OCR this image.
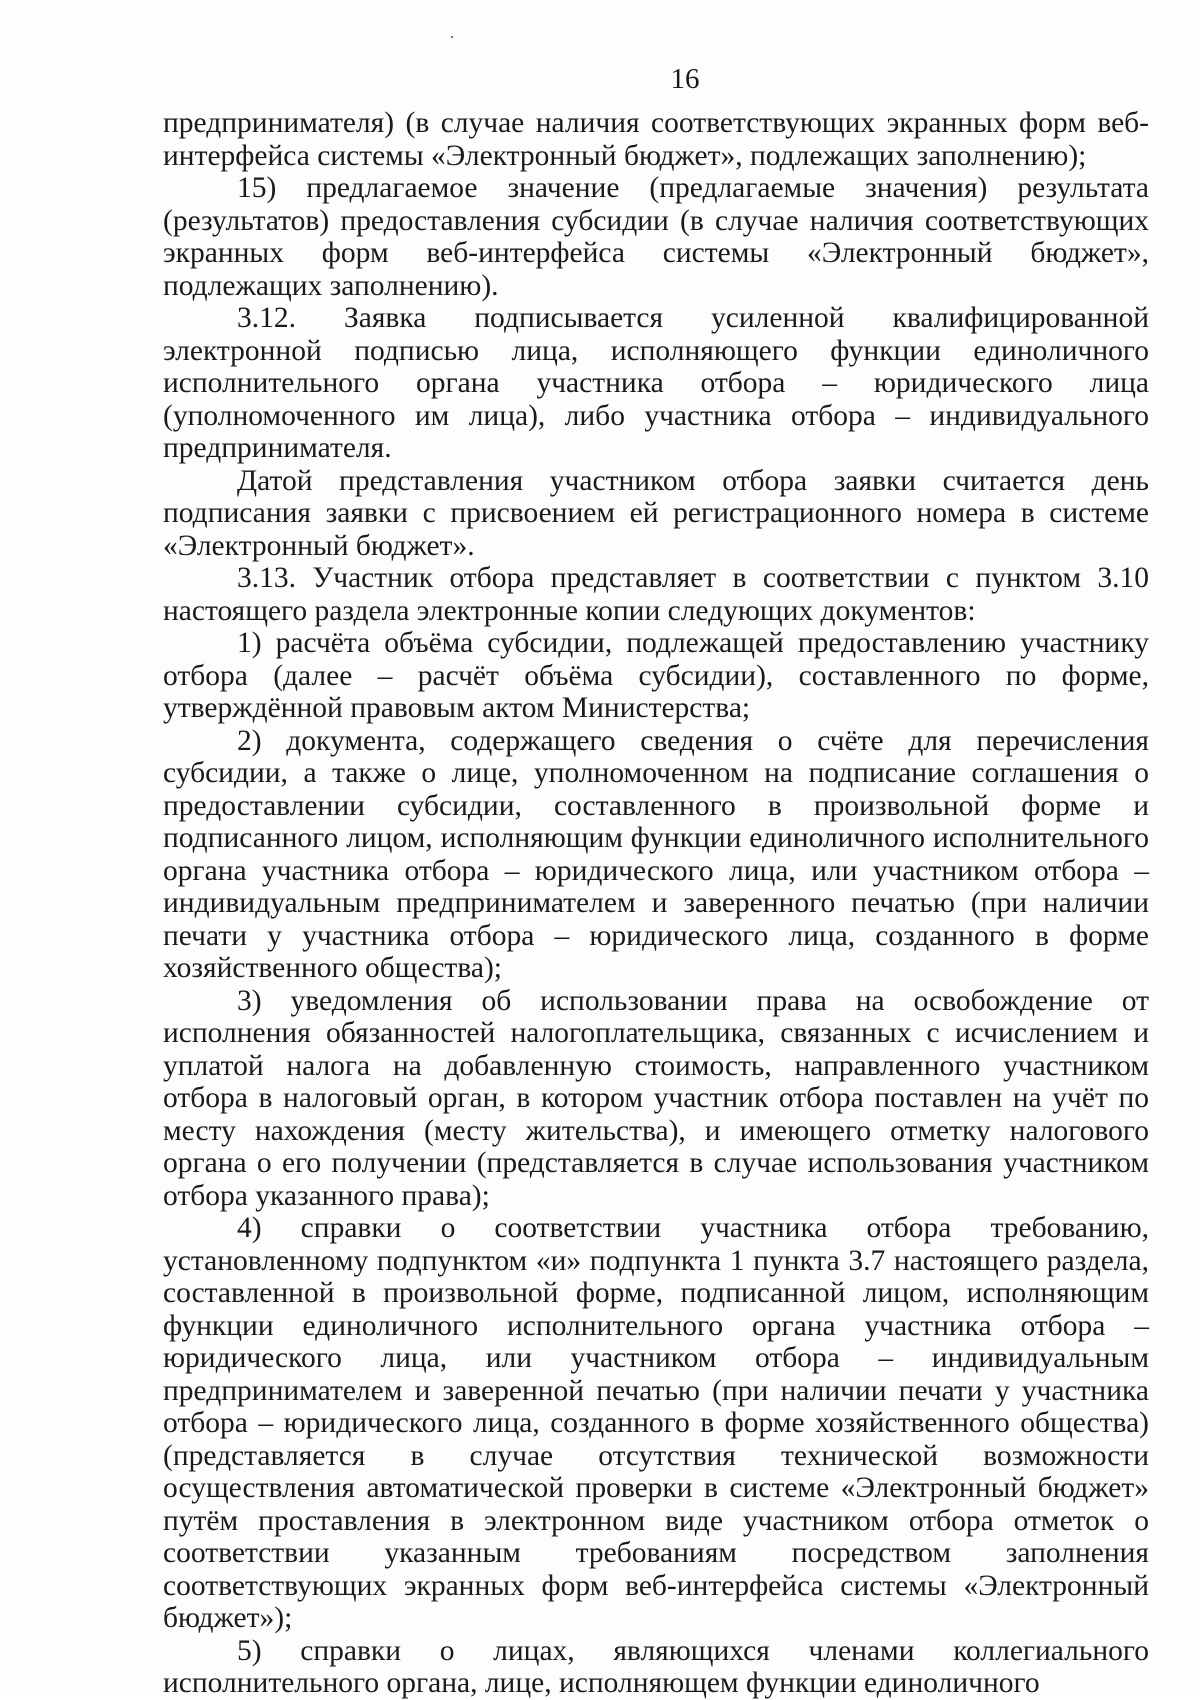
16

предпринимателя) (в случае наличия соответствующих экранных форм веб-интерфейса системы «Электронный бюджет», подлежащих заполнению);

15) предлагаемое значение (предлагаемые значения) результата (результатов) предоставления субсидии (в случае наличия соответствующих экранных форм веб-интерфейса системы «Электронный бюджет», подлежащих заполнению).

3.12. Заявка подписывается усиленной квалифицированной электронной подписью лица, исполняющего функции единоличного исполнительного органа участника отбора – юридического лица (уполномоченного им лица), либо участника отбора – индивидуального предпринимателя.

Датой представления участником отбора заявки считается день подписания заявки с присвоением ей регистрационного номера в системе «Электронный бюджет».

3.13. Участник отбора представляет в соответствии с пунктом 3.10 настоящего раздела электронные копии следующих документов:

1) расчёта объёма субсидии, подлежащей предоставлению участнику отбора (далее – расчёт объёма субсидии), составленного по форме, утверждённой правовым актом Министерства;

2) документа, содержащего сведения о счёте для перечисления субсидии, а также о лице, уполномоченном на подписание соглашения о предоставлении субсидии, составленного в произвольной форме и подписанного лицом, исполняющим функции единоличного исполнительного органа участника отбора – юридического лица, или участником отбора – индивидуальным предпринимателем и заверенного печатью (при наличии печати у участника отбора – юридического лица, созданного в форме хозяйственного общества);

3) уведомления об использовании права на освобождение от исполнения обязанностей налогоплательщика, связанных с исчислением и уплатой налога на добавленную стоимость, направленного участником отбора в налоговый орган, в котором участник отбора поставлен на учёт по месту нахождения (месту жительства), и имеющего отметку налогового органа о его получении (представляется в случае использования участником отбора указанного права);

4) справки о соответствии участника отбора требованию, установленному подпунктом «и» подпункта 1 пункта 3.7 настоящего раздела, составленной в произвольной форме, подписанной лицом, исполняющим функции единоличного исполнительного органа участника отбора – юридического лица, или участником отбора – индивидуальным предпринимателем и заверенной печатью (при наличии печати у участника отбора – юридического лица, созданного в форме хозяйственного общества) (представляется в случае отсутствия технической возможности осуществления автоматической проверки в системе «Электронный бюджет» путём проставления в электронном виде участником отбора отметок о соответствии указанным требованиям посредством заполнения соответствующих экранных форм веб-интерфейса системы «Электронный бюджет»);

5) справки о лицах, являющихся членами коллегиального исполнительного органа, лице, исполняющем функции единоличного
